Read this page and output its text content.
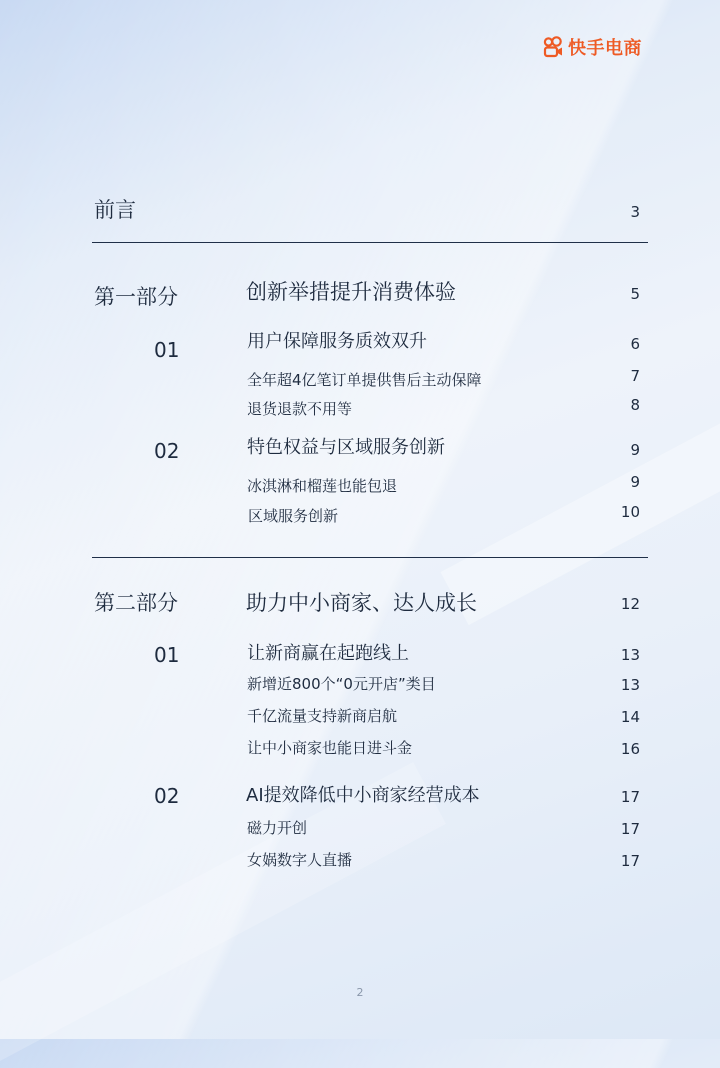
快手电商
前言	3
第一部分	创新举措提升消费体验	5
01	用户保障服务质效双升	6
全年超4亿笔订单提供售后主动保障	7
退货退款不用等	8
02	特色权益与区域服务创新	9
冰淇淋和榴莲也能包退	9
区域服务创新	10
第二部分	助力中小商家、达人成长	12
01	让新商赢在起跑线上	13
新增近800个“0元开店”类目	13
千亿流量支持新商启航	14
让中小商家也能日进斗金	16
02	AI提效降低中小商家经营成本	17
磁力开创	17
女娲数字人直播	17
2
